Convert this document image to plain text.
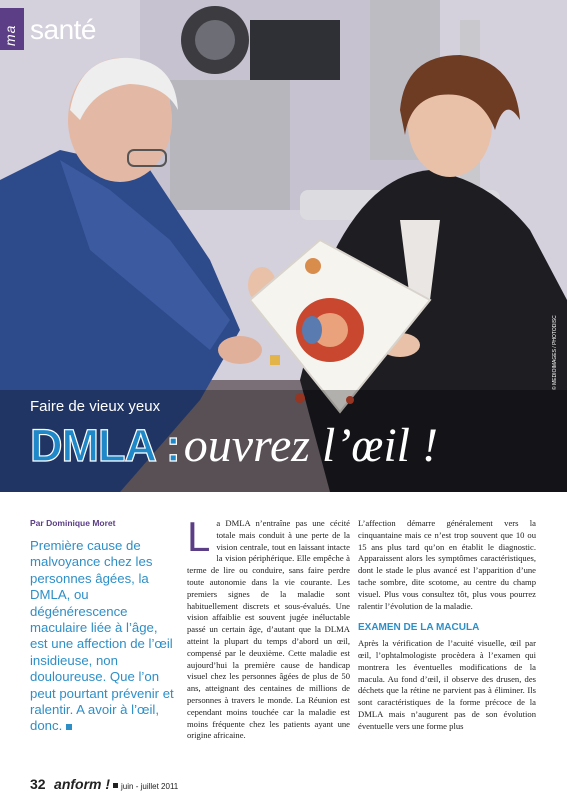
ma santé
© MEDIOIMAGES / PHOTODISC
Faire de vieux yeux
DMLA :ouvrez l’œil !
Par Dominique Moret
Première cause de malvoyance chez les personnes âgées, la DMLA, ou dégénérescence maculaire liée à l’âge, est une affection de l’œil insidieuse, non douloureuse. Que l’on peut pourtant prévenir et ralentir. A avoir à l’œil, donc.

La DMLA n’entraîne pas une cécité totale mais conduit à une perte de la vision centrale, tout en laissant intacte la vision périphérique. Elle empêche à terme de lire ou conduire, sans faire perdre toute autonomie dans la vie courante. Les premiers signes de la maladie sont habituellement discrets et sous-évalués. Une vision affaiblie est souvent jugée inéluctable passé un certain âge, d’autant que la DLMA atteint la plupart du temps d’abord un œil, compensé par le deuxième. Cette maladie est aujourd’hui la première cause de handicap visuel chez les personnes âgées de plus de 50 ans, atteignant des centaines de millions de personnes à travers le monde. La Réunion est cependant moins touchée car la maladie est moins fréquente chez les patients ayant une origine africaine.

L’affection démarre généralement vers la cinquantaine mais ce n’est trop souvent que 10 ou 15 ans plus tard qu’on en établit le diagnostic. Apparaissent alors les symptômes caractéristiques, dont le stade le plus avancé est l’apparition d’une tache sombre, dite scotome, au centre du champ visuel. Plus vous consultez tôt, plus vous pourrez ralentir l’évolution de la maladie.

EXAMEN DE LA MACULA

Après la vérification de l’acuité visuelle, œil par œil, l’ophtalmologiste procèdera à l’examen qui montrera les éventuelles modifications de la macula. Au fond d’œil, il observe des drusen, des déchets que la rétine ne parvient pas à éliminer. Ils sont caractéristiques de la forme précoce de la DMLA mais n’augurent pas de son évolution éventuelle vers une forme plus

32 anform ! juin - juillet 2011
